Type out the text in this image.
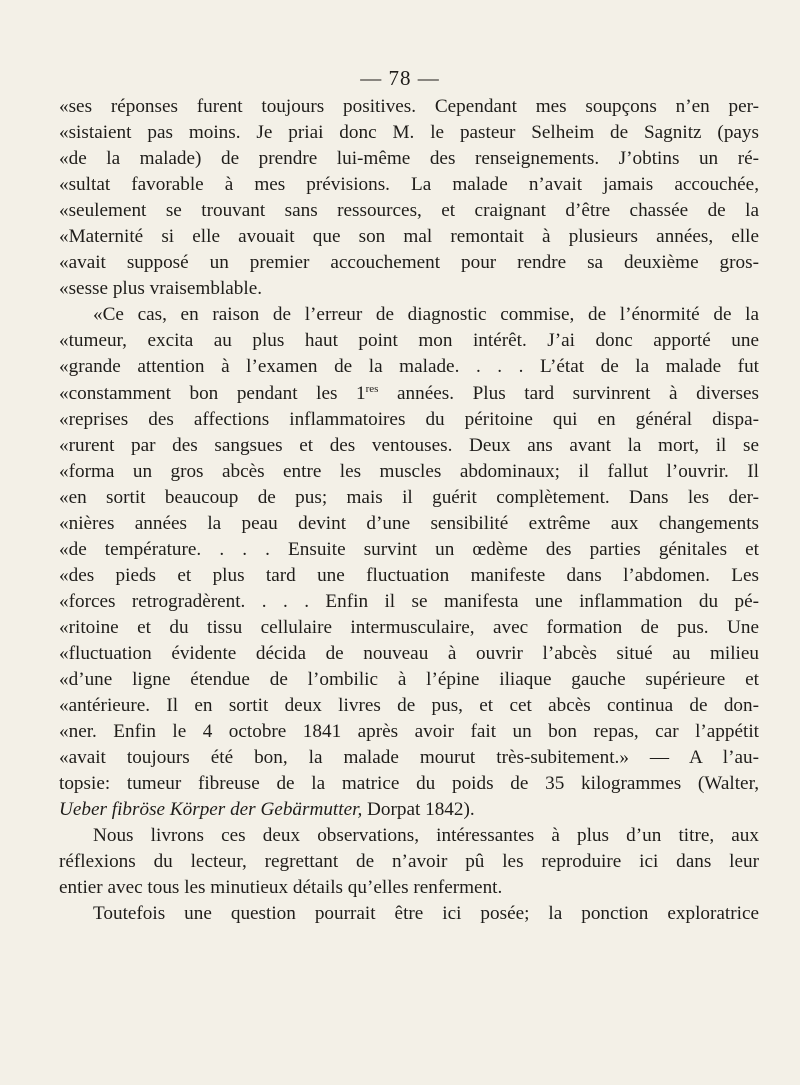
— 78 —
«ses réponses furent toujours positives. Cependant mes soupçons n’en per-
«sistaient pas moins. Je priai donc M. le pasteur Selheim de Sagnitz (pays
«de la malade) de prendre lui-même des renseignements. J’obtins un ré-
«sultat favorable à mes prévisions. La malade n’avait jamais accouchée,
«seulement se trouvant sans ressources, et craignant d’être chassée de la
«Maternité si elle avouait que son mal remontait à plusieurs années, elle
«avait supposé un premier accouchement pour rendre sa deuxième gros-
«sesse plus vraisemblable.
«Ce cas, en raison de l’erreur de diagnostic commise, de l’énormité de la
«tumeur, excita au plus haut point mon intérêt. J’ai donc apporté une
«grande attention à l’examen de la malade. . . . L’état de la malade fut
«constamment bon pendant les 1res années. Plus tard survinrent à diverses
«reprises des affections inflammatoires du péritoine qui en général dispa-
«rurent par des sangsues et des ventouses. Deux ans avant la mort, il se
«forma un gros abcès entre les muscles abdominaux; il fallut l’ouvrir. Il
«en sortit beaucoup de pus; mais il guérit complètement. Dans les der-
«nières années la peau devint d’une sensibilité extrême aux changements
«de température. . . . Ensuite survint un œdème des parties génitales et
«des pieds et plus tard une fluctuation manifeste dans l’abdomen. Les
«forces retrogradèrent. . . . Enfin il se manifesta une inflammation du pé-
«ritoine et du tissu cellulaire intermusculaire, avec formation de pus. Une
«fluctuation évidente décida de nouveau à ouvrir l’abcès situé au milieu
«d’une ligne étendue de l’ombilic à l’épine iliaque gauche supérieure et
«antérieure. Il en sortit deux livres de pus, et cet abcès continua de don-
«ner. Enfin le 4 octobre 1841 après avoir fait un bon repas, car l’appétit
«avait toujours été bon, la malade mourut très-subitement.» — A l’au-
topsie: tumeur fibreuse de la matrice du poids de 35 kilogrammes (Walter,
Ueber fibröse Körper der Gebärmutter, Dorpat 1842).
Nous livrons ces deux observations, intéressantes à plus d’un titre, aux
réflexions du lecteur, regrettant de n’avoir pû les reproduire ici dans leur
entier avec tous les minutieux détails qu’elles renferment.
Toutefois une question pourrait être ici posée; la ponction exploratrice
